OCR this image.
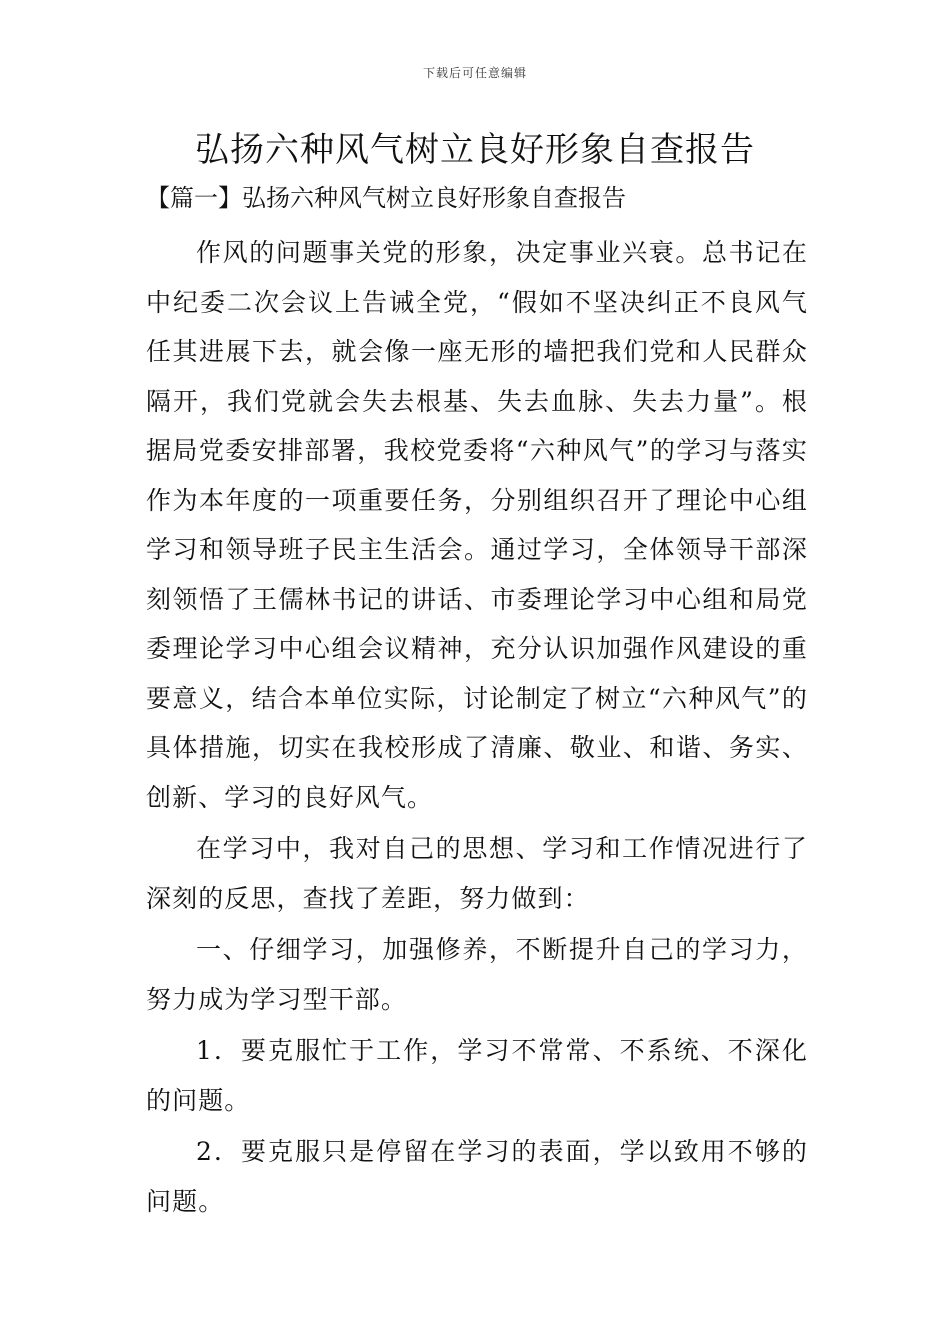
下载后可任意编辑
弘扬六种风气树立良好形象自查报告

【篇一】弘扬六种风气树立良好形象自查报告

作风的问题事关党的形象，决定事业兴衰。总书记在中纪委二次会议上告诫全党，“假如不坚决纠正不良风气任其进展下去，就会像一座无形的墙把我们党和人民群众隔开，我们党就会失去根基、失去血脉、失去力量”。根据局党委安排部署，我校党委将“六种风气”的学习与落实作为本年度的一项重要任务，分别组织召开了理论中心组学习和领导班子民主生活会。通过学习，全体领导干部深刻领悟了王儒林书记的讲话、市委理论学习中心组和局党委理论学习中心组会议精神，充分认识加强作风建设的重要意义，结合本单位实际，讨论制定了树立“六种风气”的具体措施，切实在我校形成了清廉、敬业、和谐、务实、创新、学习的良好风气。

在学习中，我对自己的思想、学习和工作情况进行了深刻的反思，查找了差距，努力做到：

一、仔细学习，加强修养，不断提升自己的学习力，努力成为学习型干部。

1．要克服忙于工作，学习不常常、不系统、不深化的问题。

2．要克服只是停留在学习的表面，学以致用不够的问题。
